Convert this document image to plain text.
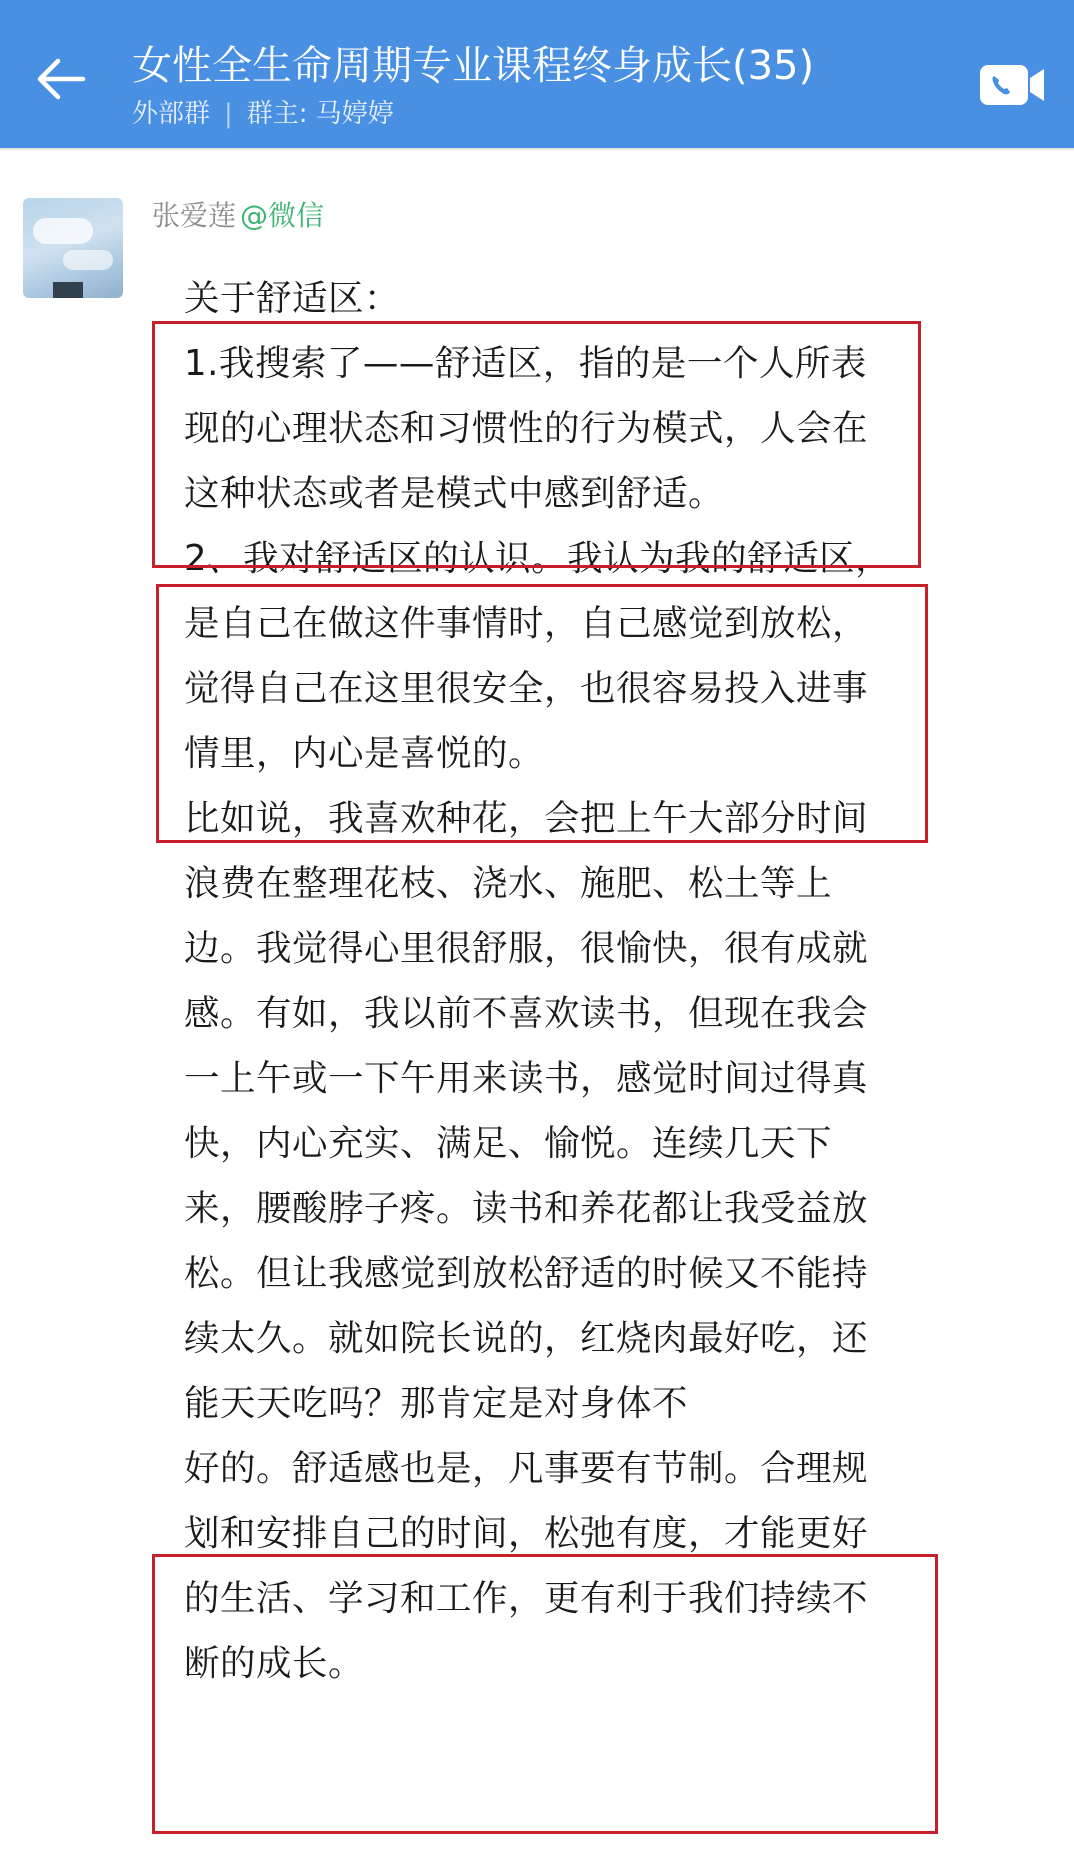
女性全生命周期专业课程终身成长(35)
外部群 | 群主: 马婷婷
张爱莲 @微信

关于舒适区：

1.我搜索了——舒适区，指的是一个人所表现的心理状态和习惯性的行为模式，人会在这种状态或者是模式中感到舒适。

2、我对舒适区的认识。我认为我的舒适区，是自己在做这件事情时，自己感觉到放松，觉得自己在这里很安全，也很容易投入进事情里，内心是喜悦的。

比如说，我喜欢种花，会把上午大部分时间浪费在整理花枝、浇水、施肥、松土等上边。我觉得心里很舒服，很愉快，很有成就感。有如，我以前不喜欢读书，但现在我会一上午或一下午用来读书，感觉时间过得真快，内心充实、满足、愉悦。连续几天下来，腰酸脖子疼。读书和养花都让我受益放松。但让我感觉到放松舒适的时候又不能持续太久。就如院长说的，红烧肉最好吃，还能天天吃吗？那肯定是对身体不

好的。舒适感也是，凡事要有节制。合理规划和安排自己的时间，松弛有度，才能更好的生活、学习和工作，更有利于我们持续不断的成长。
